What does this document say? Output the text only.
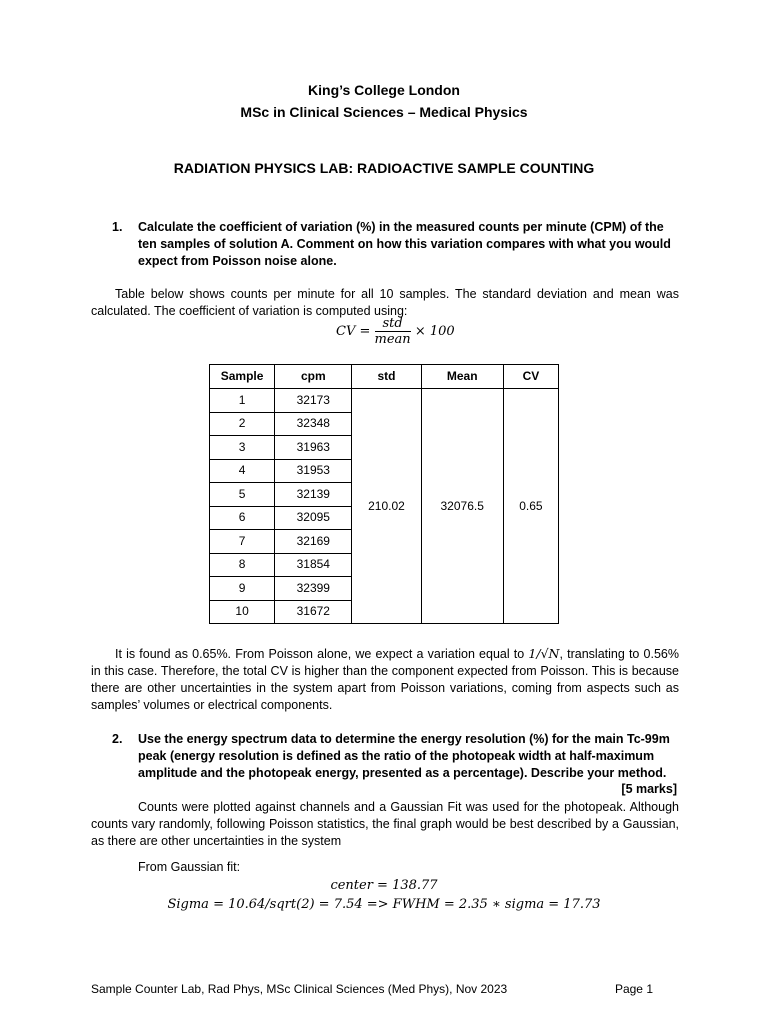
King’s College London
MSc in Clinical Sciences – Medical Physics
RADIATION PHYSICS LAB: RADIOACTIVE SAMPLE COUNTING
1. Calculate the coefficient of variation (%) in the measured counts per minute (CPM) of the ten samples of solution A. Comment on how this variation compares with what you would expect from Poisson noise alone.
Table below shows counts per minute for all 10 samples. The standard deviation and mean was calculated. The coefficient of variation is computed using:
CV = $\frac{\text{std}}{\text{mean}} \times 100$
Sample	cpm	std	Mean	CV
1	32173	210.02	32076.5	0.65
2	32348			
3	31963			
4	31953			
5	32139			
6	32095			
7	32169			
8	31854			
9	32399			
10	31672			
It is found as 0.65%. From Poisson alone, we expect a variation equal to 1/√N, translating to 0.56% in this case. Therefore, the total CV is higher than the component expected from Poisson. This is because there are other uncertainties in the system apart from Poisson variations, coming from aspects such as samples’ volumes or electrical components.
2. Use the energy spectrum data to determine the energy resolution (%) for the main Tc-99m peak (energy resolution is defined as the ratio of the photopeak width at half-maximum amplitude and the photopeak energy, presented as a percentage). Describe your method.
[5 marks]
Counts were plotted against channels and a Gaussian Fit was used for the photopeak. Although counts vary randomly, following Poisson statistics, the final graph would be best described by a Gaussian, as there are other uncertainties in the system
From Gaussian fit:
center = 138.77
Sigma = 10.64/sqrt(2) = 7.54 => FWHM = 2.35 ∗ sigma = 17.73
Sample Counter Lab, Rad Phys, MSc Clinical Sciences (Med Phys), Nov 2023	Page 1
